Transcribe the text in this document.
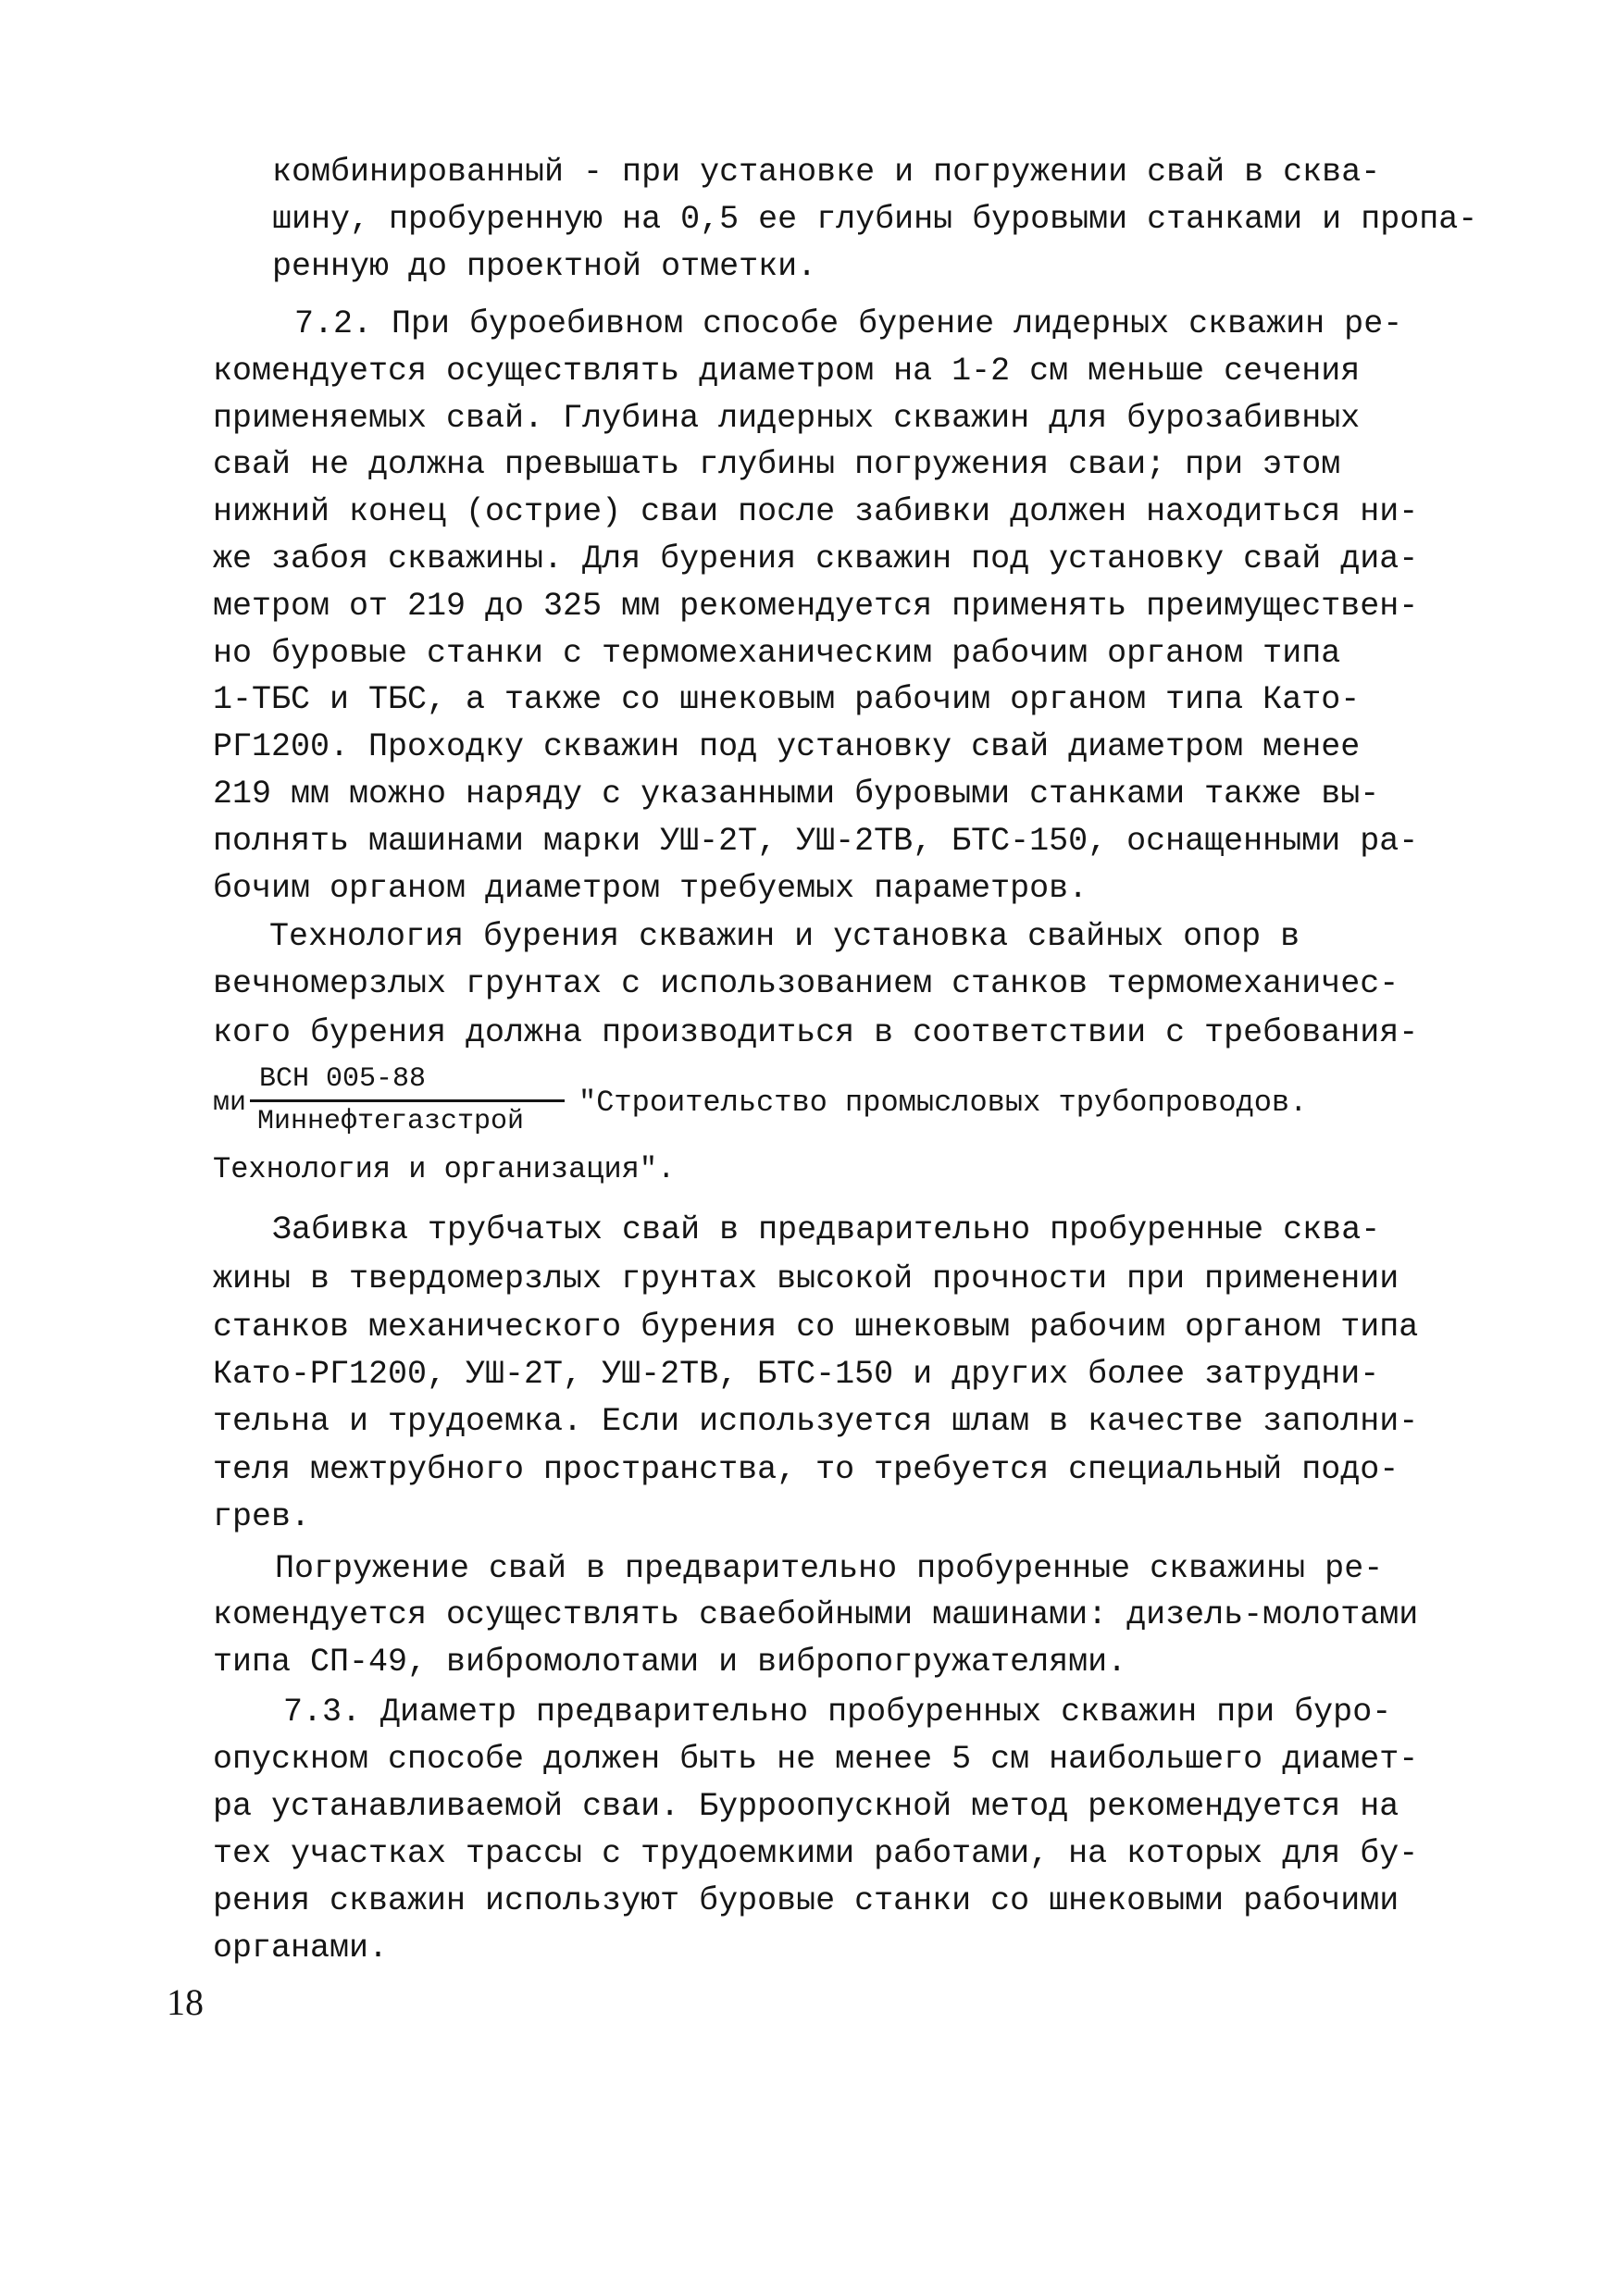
комбинированный - при установке и погружении свай в сква-
шину, пробуренную на 0,5 ее глубины буровыми станками и пропа-
ренную до проектной отметки.
7.2. При буроебивном способе бурение лидерных скважин ре-
комендуется осуществлять диаметром на 1-2 см меньше сечения
применяемых свай. Глубина лидерных скважин для бурозабивных
свай не должна превышать глубины погружения сваи; при этом
нижний конец (острие) сваи после забивки должен находиться ни-
же забоя скважины. Для бурения скважин под установку свай диа-
метром от 219 до 325 мм рекомендуется применять преимуществен-
но буровые станки с термомеханическим рабочим органом типа
1-ТБС и ТБС, а также со шнековым рабочим органом типа Като-
РГ1200. Проходку скважин под установку свай диаметром менее
219 мм можно наряду с указанными буровыми станками также вы-
полнять машинами марки УШ-2Т, УШ-2ТВ, БТС-150, оснащенными ра-
бочим органом диаметром требуемых параметров.
Технология бурения скважин и установка свайных опор в
вечномерзлых грунтах с использованием станков термомеханичес-
кого бурения должна производиться в соответствии с требования-
ми
ВСН 005-88
Миннефтегазстрой
"Строительство промысловых трубопроводов.
Технология и организация".
Забивка трубчатых свай в предварительно пробуренные сква-
жины в твердомерзлых грунтах высокой прочности при применении
станков механического бурения со шнековым рабочим органом типа
Като-РГ1200, УШ-2Т, УШ-2ТВ, БТС-150 и других более затрудни-
тельна и трудоемка. Если используется шлам в качестве заполни-
теля межтрубного пространства, то требуется специальный подо-
грев.
Погружение свай в предварительно пробуренные скважины ре-
комендуется осуществлять сваебойными машинами: дизель-молотами
типа СП-49, вибромолотами и вибропогружателями.
7.3. Диаметр предварительно пробуренных скважин при буро-
опускном способе должен быть не менее 5 см наибольшего диамет-
ра устанавливаемой сваи. Бурроопускной метод рекомендуется на
тех участках трассы с трудоемкими работами, на которых для бу-
рения скважин используют буровые станки со шнековыми рабочими
органами.
18
